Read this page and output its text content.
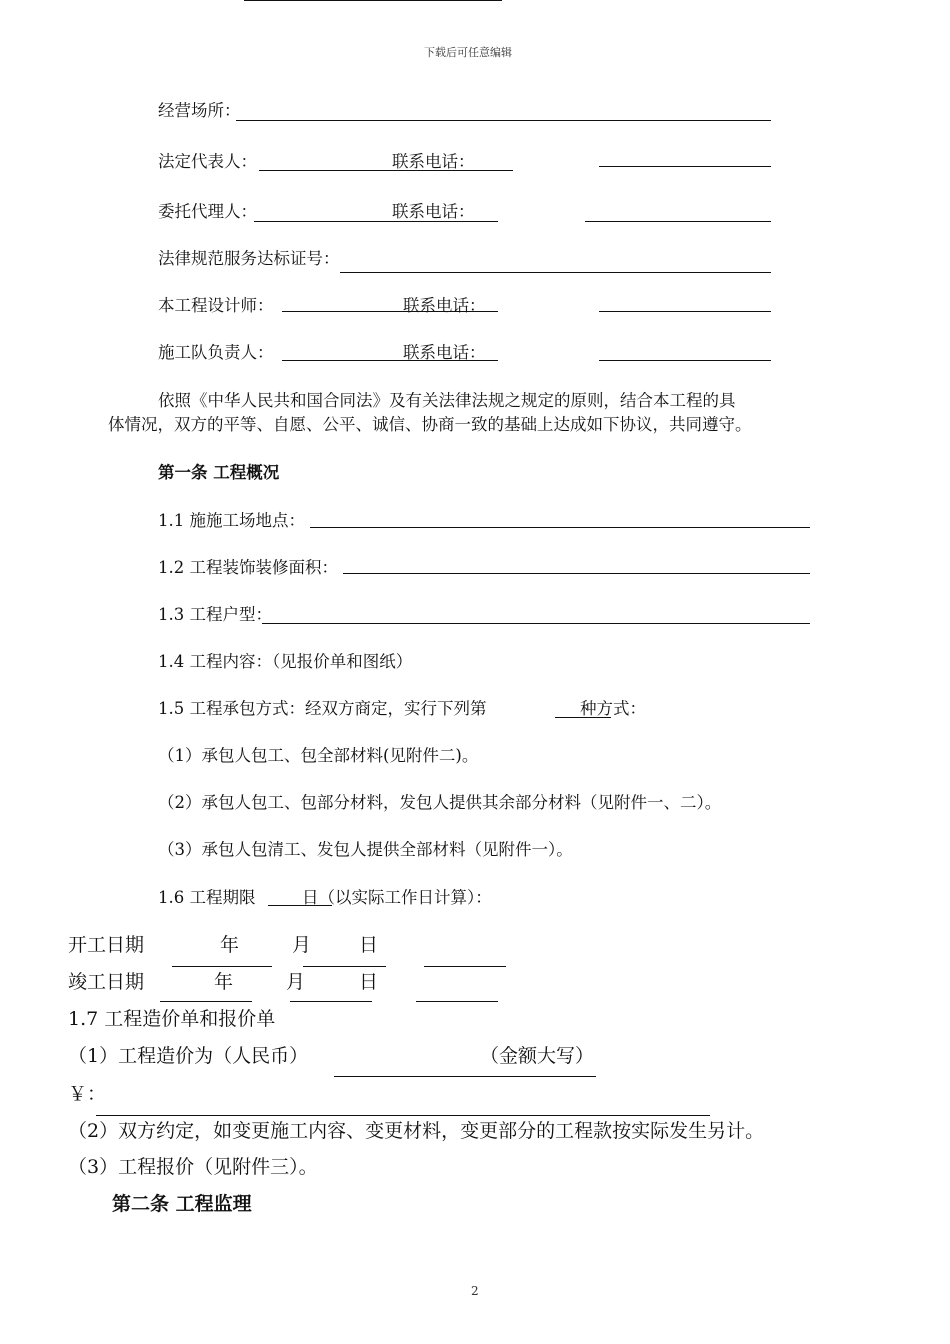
下载后可任意编辑
经营场所：
法定代表人：	联系电话：
委托代理人：	联系电话：
法律规范服务达标证号：
本工程设计师：	联系电话：
施工队负责人：	联系电话：
依照《中华人民共和国合同法》及有关法律法规之规定的原则，结合本工程的具
体情况，双方的平等、自愿、公平、诚信、协商一致的基础上达成如下协议，共同遵守。
第一条 工程概况
1.1 施施工场地点：
1.2 工程装饰装修面积：
1.3 工程户型：
1.4 工程内容：（见报价单和图纸）
1.5 工程承包方式：经双方商定，实行下列第	种方式：
（1）承包人包工、包全部材料(见附件二)。
（2）承包人包工、包部分材料，发包人提供其余部分材料（见附件一、二）。
（3）承包人包清工、发包人提供全部材料（见附件一）。
1.6 工程期限	日（以实际工作日计算）：
开工日期	年	月	日
竣工日期	年	月	日
1.7 工程造价单和报价单
（1）工程造价为（人民币）	（金额大写）
￥：
（2）双方约定，如变更施工内容、变更材料，变更部分的工程款按实际发生另计。
（3）工程报价（见附件三）。
第二条 工程监理
2
